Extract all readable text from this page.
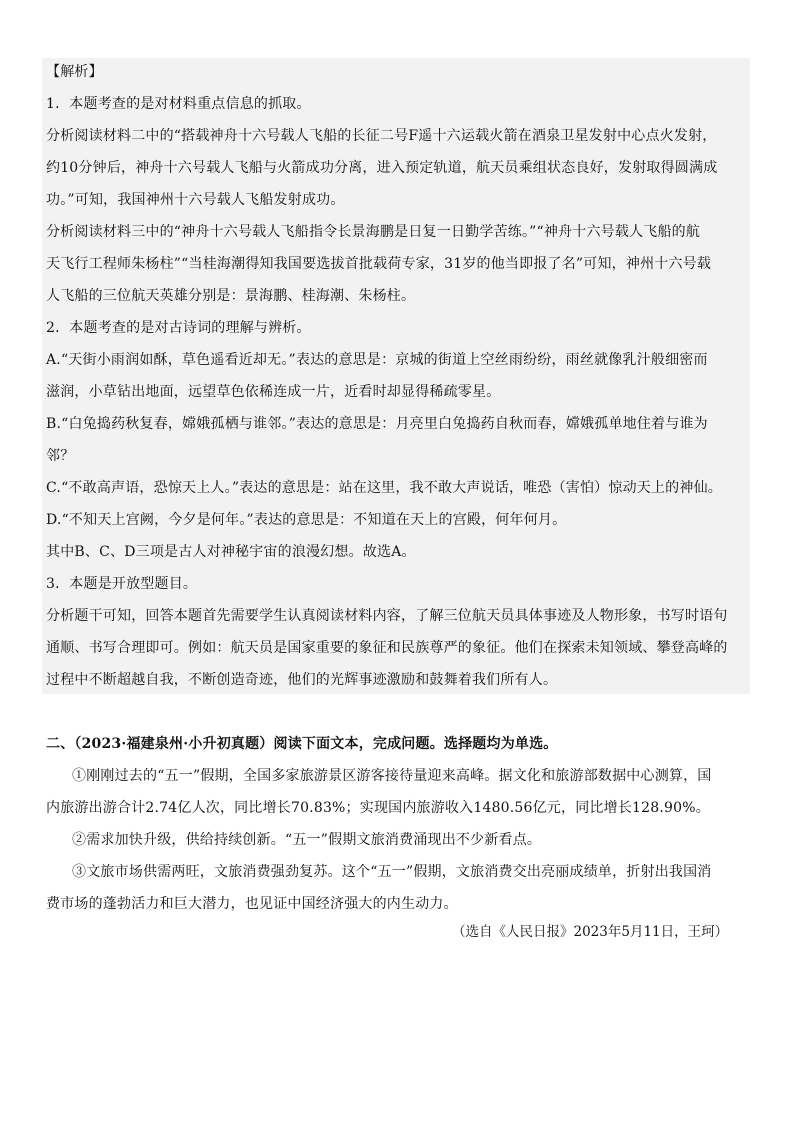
【解析】
1．本题考查的是对材料重点信息的抓取。
分析阅读材料二中的“搭载神舟十六号载人飞船的长征二号F遥十六运载火箭在酒泉卫星发射中心点火发射，
约10分钟后，神舟十六号载人飞船与火箭成功分离，进入预定轨道，航天员乘组状态良好，发射取得圆满成
功。”可知，我国神州十六号载人飞船发射成功。
分析阅读材料三中的“神舟十六号载人飞船指令长景海鹏是日复一日勤学苦练。”“神舟十六号载人飞船的航
天飞行工程师朱杨柱”“当桂海潮得知我国要选拔首批载荷专家，31岁的他当即报了名”可知，神州十六号载
人飞船的三位航天英雄分别是：景海鹏、桂海潮、朱杨柱。
2．本题考查的是对古诗词的理解与辨析。
A.“天街小雨润如酥，草色遥看近却无。”表达的意思是：京城的街道上空丝雨纷纷，雨丝就像乳汁般细密而
滋润，小草钻出地面，远望草色依稀连成一片，近看时却显得稀疏零星。
B.“白兔捣药秋复春，嫦娥孤栖与谁邻。”表达的意思是：月亮里白兔捣药自秋而春，嫦娥孤单地住着与谁为
邻？
C.“不敢高声语，恐惊天上人。”表达的意思是：站在这里，我不敢大声说话，唯恐（害怕）惊动天上的神仙。
D.“不知天上宫阙，今夕是何年。”表达的意思是：不知道在天上的宫殿，何年何月。
其中B、C、D三项是古人对神秘宇宙的浪漫幻想。故选A。
3．本题是开放型题目。
分析题干可知，回答本题首先需要学生认真阅读材料内容，了解三位航天员具体事迹及人物形象，书写时语句
通顺、书写合理即可。例如：航天员是国家重要的象征和民族尊严的象征。他们在探索未知领域、攀登高峰的
过程中不断超越自我，不断创造奇迹，他们的光辉事迹激励和鼓舞着我们所有人。
二、（2023·福建泉州·小升初真题）阅读下面文本，完成问题。选择题均为单选。
①刚刚过去的“五一”假期，全国多家旅游景区游客接待量迎来高峰。据文化和旅游部数据中心测算，国
内旅游出游合计2.74亿人次，同比增长70.83%；实现国内旅游收入1480.56亿元，同比增长128.90%。
②需求加快升级，供给持续创新。“五一”假期文旅消费涌现出不少新看点。
③文旅市场供需两旺，文旅消费强劲复苏。这个“五一”假期，文旅消费交出亮丽成绩单，折射出我国消
费市场的蓬勃活力和巨大潜力，也见证中国经济强大的内生动力。
（选自《人民日报》2023年5月11日，王珂）
